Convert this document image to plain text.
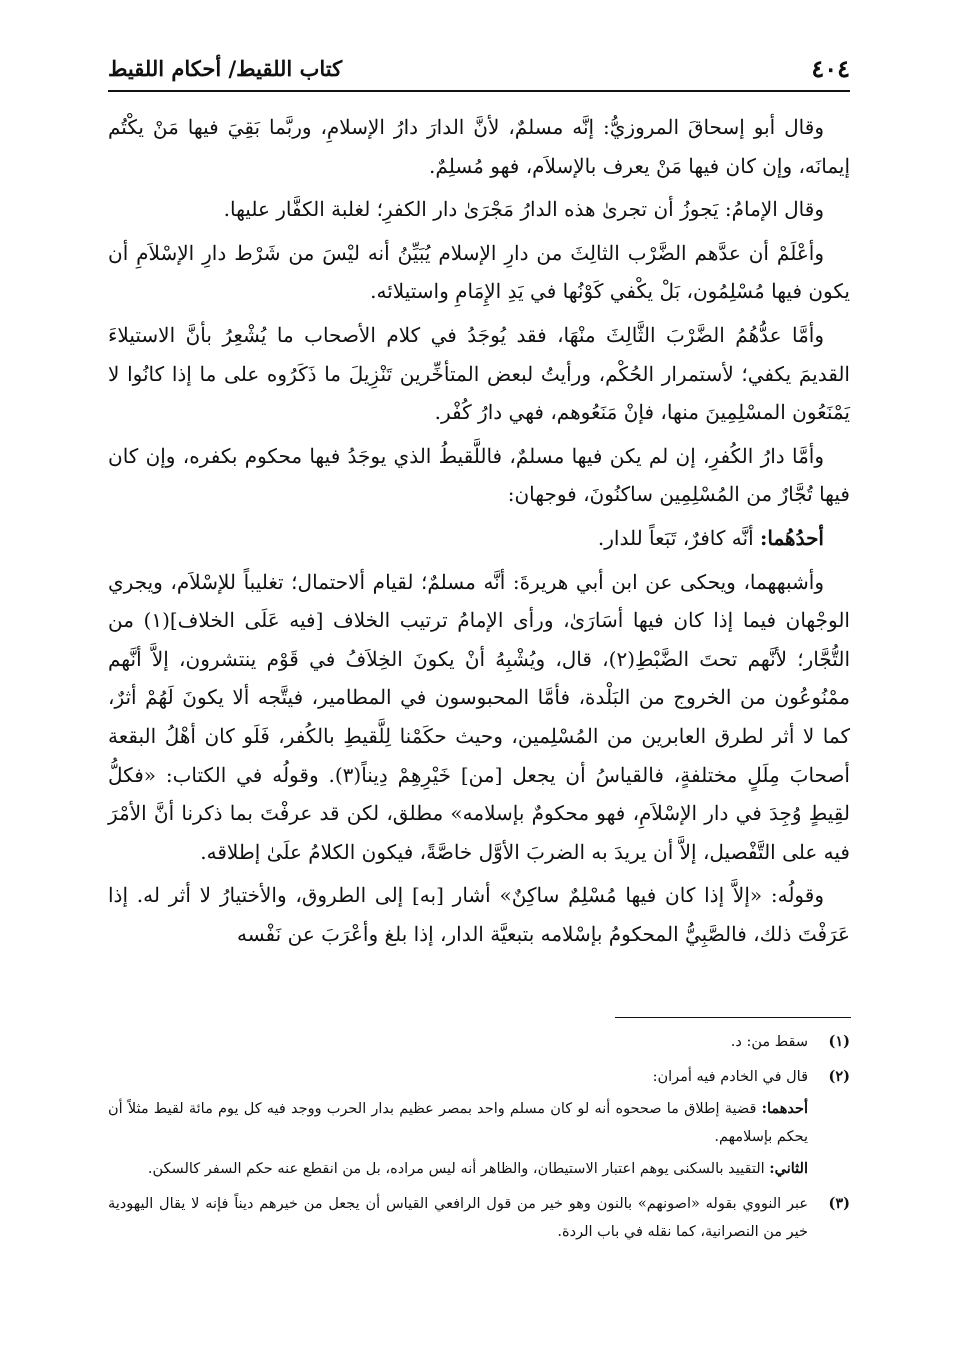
٤٠٤
كتاب اللقيط/ أحكام اللقيط

وقال أبو إسحاقَ المروزيُّ: إنَّه مسلمٌ، لأنَّ الدارَ دارُ الإسلامِ، وربَّما بَقِيَ فيها مَنْ يكْتُم إيمانَه، وإن كان فيها مَنْ يعرف بالإسلاَم، فهو مُسلِمٌ.

وقال الإمامُ: يَجوزُ أن تجرىٰ هذه الدارُ مَجْرَىٰ دار الكفرِ؛ لغلبة الكفَّار عليها.

وأعْلَمْ أن عدَّهم الضَّرْب الثالِثَ من دارِ الإسلام يُبَيِّنُ أنه ليْسَ من شَرْط دارِ الإسْلاَمِ أن يكون فيها مُسْلِمُون، بَلْ يكْفي كَوْنُها في يَدِ الإِمَامِ واستيلائه.

وأمَّا عدُّهُمُ الضَّرْبَ الثَّالِثَ منْهَا، فقد يُوجَدُ في كلام الأصحاب ما يُشْعِرُ بأنَّ الاستيلاءَ القديمَ يكفي؛ لأستمرار الحُكْم، ورأيتُ لبعض المتأخِّرين تَنْزِيلَ ما ذَكَرُوه على ما إذا كانُوا لا يَمْنَعُون المسْلِمِينَ منها، فإنْ مَنَعُوهم، فهي دارُ كُفْر.

وأمَّا دارُ الكُفرِ، إن لم يكن فيها مسلمٌ، فاللَّقيطُ الذي يوجَدُ فيها محكوم بكفره، وإن كان فيها تُجَّارٌ من المُسْلِمِين ساكنُونَ، فوجهان:

أحدُهُما: أنَّه كافرٌ، تَبَعاً للدار.

وأشبههما، ويحكى عن ابن أبي هريرةَ: أنَّه مسلمٌ؛ لقيام ألاحتمال؛ تغليباً للإسْلاَم، ويجري الوجْهان فيما إذا كان فيها أسَارَىٰ، ورأى الإمامُ ترتيب الخلاف [فيه عَلَى الخلاف](١) من التُّجَّار؛ لأنَّهم تحتَ الضَّبْطِ(٢)، قال، ويُشْبِهُ أنْ يكونَ الخِلاَفُ في قَوْم ينتشرون، إلاَّ أنَّهم ممْنُوعُون من الخروج من البَلْدة، فأمَّا المحبوسون في المطامير، فيتَّجه ألا يكونَ لَهُمْ أثرٌ، كما لا أثر لطرق العابرين من المُسْلِمين، وحيث حكَمْنا لِلَّقيطِ بالكُفر، فَلَو كان أهْلُ البقعة أصحابَ مِلَلٍ مختلفةٍ، فالقياسُ أن يجعل [من] خَيْرِهِمْ دِيناً(٣). وقولُه في الكتاب: «فكلُّ لقِيطٍ وُجِدَ في دار الإسْلاَمِ، فهو محكومٌ بإسلامه» مطلق، لكن قد عرفْتَ بما ذكرنا أنَّ الأمْرَ فيه على التَّفْصيل، إلاَّ أن يريدَ به الضربَ الأوَّل خاصَّةً، فيكون الكلامُ علَىٰ إطلاقه.

وقولُه: «إلاَّ إذا كان فيها مُسْلِمٌ ساكِنٌ» أشار [به] إلى الطروق، والأختيارُ لا أثر له. إذا عَرَفْتَ ذلك، فالصَّبِيُّ المحكومُ بإسْلامه بتبعيَّة الدار، إذا بلغ وأعْرَبَ عن نَفْسه

(١)

سقط من: د.

(٢)

قال في الخادم فيه أمران:

أحدهما: قضية إطلاق ما صححوه أنه لو كان مسلم واحد بمصر عظيم بدار الحرب ووجد فيه كل يوم مائة لقيط مثلاً أن يحكم بإسلامهم.

الثاني: التقييد بالسكنى يوهم اعتبار الاستيطان، والظاهر أنه ليس مراده، بل من انقطع عنه حكم السفر كالسكن.

(٣)

عبر النووي بقوله «اصونهم» بالنون وهو خير من قول الرافعي القياس أن يجعل من خيرهم ديناً فإنه لا يقال اليهودية خير من النصرانية، كما نقله في باب الردة.
